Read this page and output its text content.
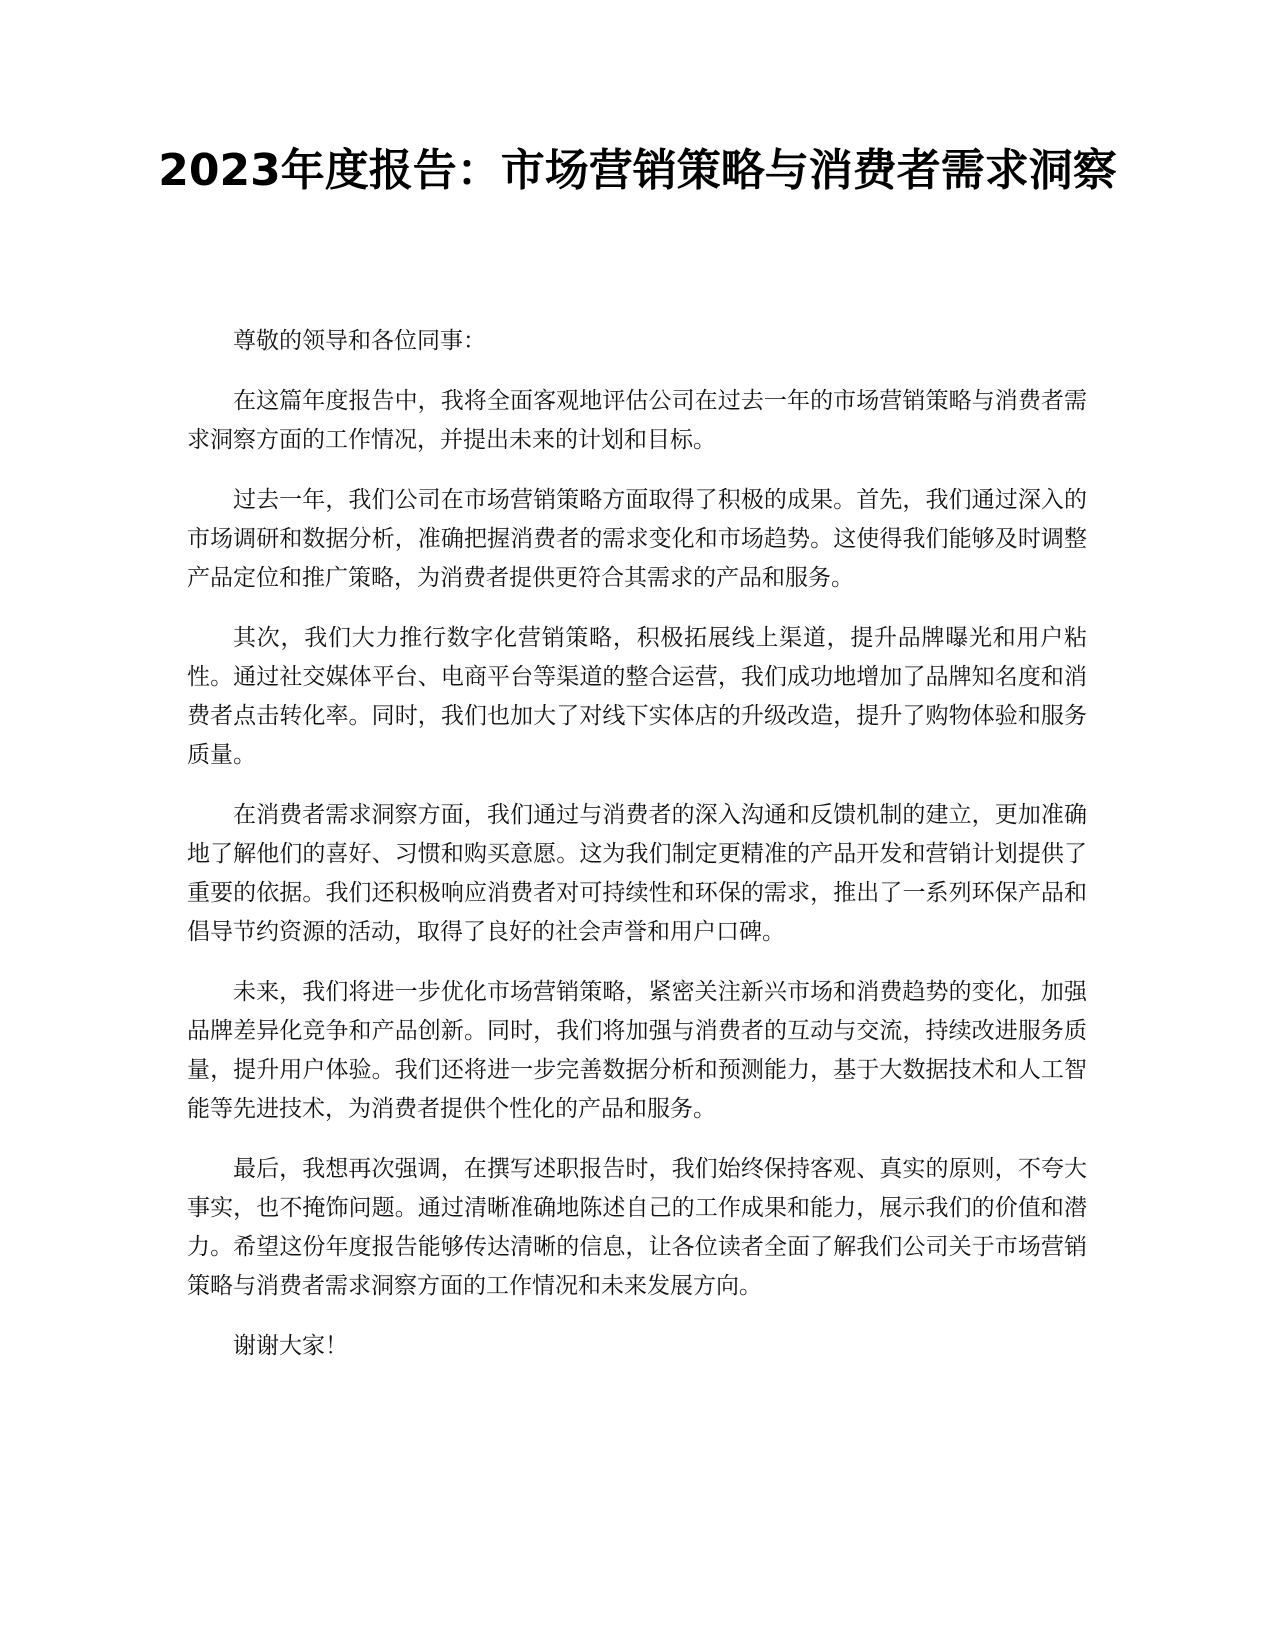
2023年度报告：市场营销策略与消费者需求洞察

尊敬的领导和各位同事：

在这篇年度报告中，我将全面客观地评估公司在过去一年的市场营销策略与消费者需求洞察方面的工作情况，并提出未来的计划和目标。

过去一年，我们公司在市场营销策略方面取得了积极的成果。首先，我们通过深入的市场调研和数据分析，准确把握消费者的需求变化和市场趋势。这使得我们能够及时调整产品定位和推广策略，为消费者提供更符合其需求的产品和服务。

其次，我们大力推行数字化营销策略，积极拓展线上渠道，提升品牌曝光和用户粘性。通过社交媒体平台、电商平台等渠道的整合运营，我们成功地增加了品牌知名度和消费者点击转化率。同时，我们也加大了对线下实体店的升级改造，提升了购物体验和服务质量。

在消费者需求洞察方面，我们通过与消费者的深入沟通和反馈机制的建立，更加准确地了解他们的喜好、习惯和购买意愿。这为我们制定更精准的产品开发和营销计划提供了重要的依据。我们还积极响应消费者对可持续性和环保的需求，推出了一系列环保产品和倡导节约资源的活动，取得了良好的社会声誉和用户口碑。

未来，我们将进一步优化市场营销策略，紧密关注新兴市场和消费趋势的变化，加强品牌差异化竞争和产品创新。同时，我们将加强与消费者的互动与交流，持续改进服务质量，提升用户体验。我们还将进一步完善数据分析和预测能力，基于大数据技术和人工智能等先进技术，为消费者提供个性化的产品和服务。

最后，我想再次强调，在撰写述职报告时，我们始终保持客观、真实的原则，不夸大事实，也不掩饰问题。通过清晰准确地陈述自己的工作成果和能力，展示我们的价值和潜力。希望这份年度报告能够传达清晰的信息，让各位读者全面了解我们公司关于市场营销策略与消费者需求洞察方面的工作情况和未来发展方向。

谢谢大家！
